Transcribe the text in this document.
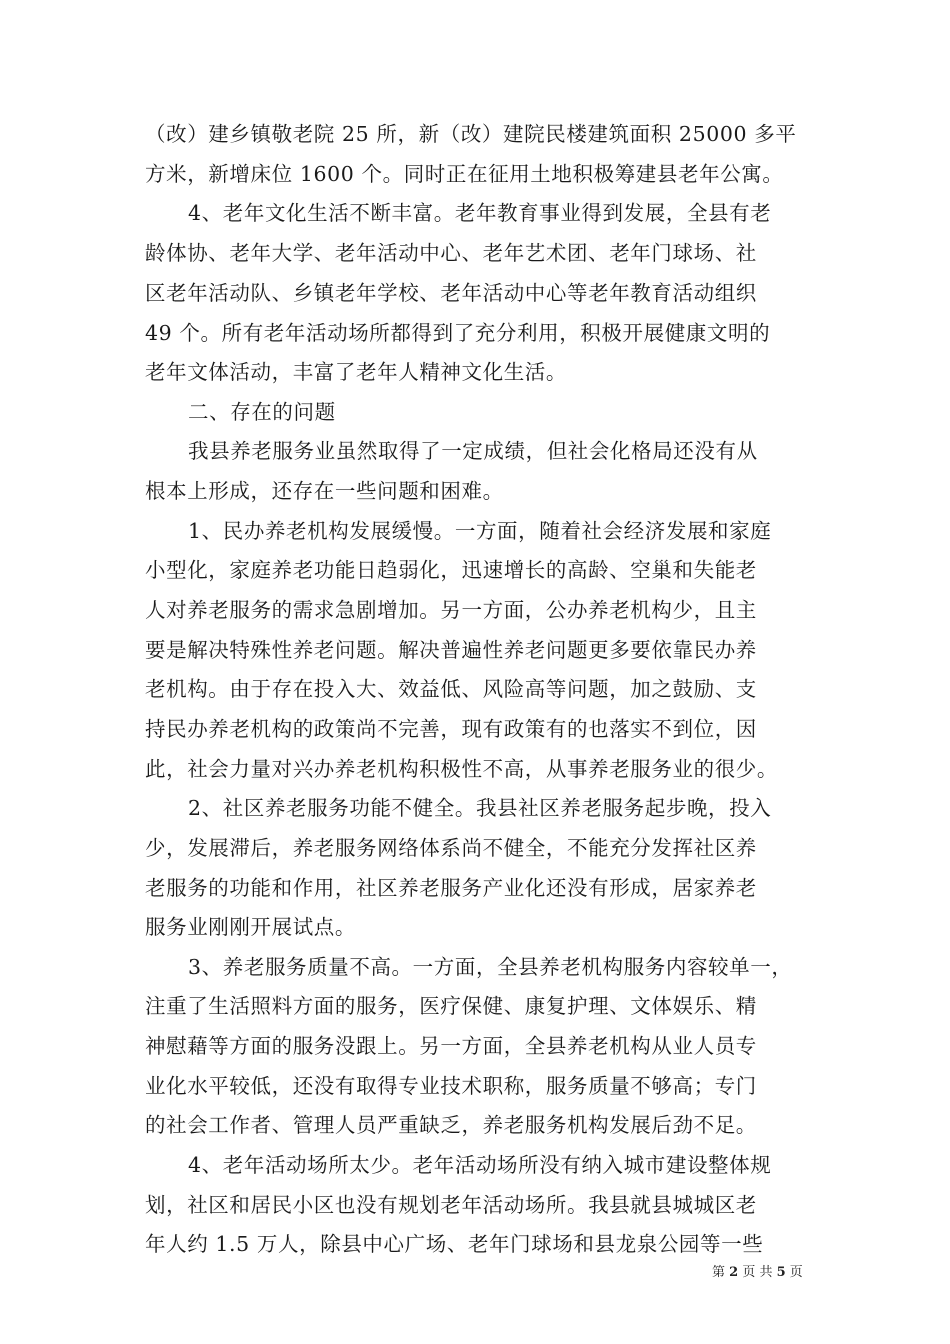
（改）建乡镇敬老院 25 所，新（改）建院民楼建筑面积 25000 多平
方米，新增床位 1600 个。同时正在征用土地积极筹建县老年公寓。
4、老年文化生活不断丰富。老年教育事业得到发展，全县有老
龄体协、老年大学、老年活动中心、老年艺术团、老年门球场、社
区老年活动队、乡镇老年学校、老年活动中心等老年教育活动组织
49 个。所有老年活动场所都得到了充分利用，积极开展健康文明的
老年文体活动，丰富了老年人精神文化生活。
二、存在的问题
我县养老服务业虽然取得了一定成绩，但社会化格局还没有从
根本上形成，还存在一些问题和困难。
1、民办养老机构发展缓慢。一方面，随着社会经济发展和家庭
小型化，家庭养老功能日趋弱化，迅速增长的高龄、空巢和失能老
人对养老服务的需求急剧增加。另一方面，公办养老机构少，且主
要是解决特殊性养老问题。解决普遍性养老问题更多要依靠民办养
老机构。由于存在投入大、效益低、风险高等问题，加之鼓励、支
持民办养老机构的政策尚不完善，现有政策有的也落实不到位，因
此，社会力量对兴办养老机构积极性不高，从事养老服务业的很少。
2、社区养老服务功能不健全。我县社区养老服务起步晚，投入
少，发展滞后，养老服务网络体系尚不健全，不能充分发挥社区养
老服务的功能和作用，社区养老服务产业化还没有形成，居家养老
服务业刚刚开展试点。
3、养老服务质量不高。一方面，全县养老机构服务内容较单一，
注重了生活照料方面的服务，医疗保健、康复护理、文体娱乐、精
神慰藉等方面的服务没跟上。另一方面，全县养老机构从业人员专
业化水平较低，还没有取得专业技术职称，服务质量不够高；专门
的社会工作者、管理人员严重缺乏，养老服务机构发展后劲不足。
4、老年活动场所太少。老年活动场所没有纳入城市建设整体规
划，社区和居民小区也没有规划老年活动场所。我县就县城城区老
年人约 1.5 万人，除县中心广场、老年门球场和县龙泉公园等一些
第 2 页 共 5 页
